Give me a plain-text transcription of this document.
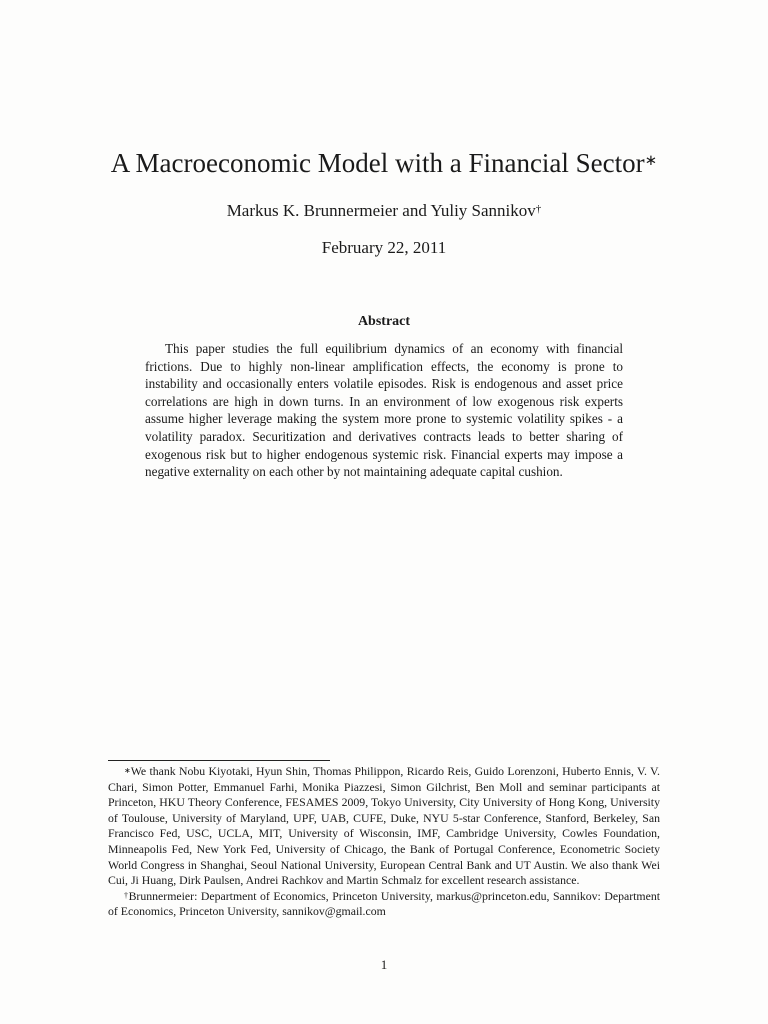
A Macroeconomic Model with a Financial Sector∗
Markus K. Brunnermeier and Yuliy Sannikov†
February 22, 2011
Abstract

This paper studies the full equilibrium dynamics of an economy with financial frictions. Due to highly non-linear amplification effects, the economy is prone to instability and occasionally enters volatile episodes. Risk is endogenous and asset price correlations are high in down turns. In an environment of low exogenous risk experts assume higher leverage making the system more prone to systemic volatility spikes - a volatility paradox. Securitization and derivatives contracts leads to better sharing of exogenous risk but to higher endogenous systemic risk. Financial experts may impose a negative externality on each other by not maintaining adequate capital cushion.

∗We thank Nobu Kiyotaki, Hyun Shin, Thomas Philippon, Ricardo Reis, Guido Lorenzoni, Huberto Ennis, V. V. Chari, Simon Potter, Emmanuel Farhi, Monika Piazzesi, Simon Gilchrist, Ben Moll and seminar participants at Princeton, HKU Theory Conference, FESAMES 2009, Tokyo University, City University of Hong Kong, University of Toulouse, University of Maryland, UPF, UAB, CUFE, Duke, NYU 5-star Conference, Stanford, Berkeley, San Francisco Fed, USC, UCLA, MIT, University of Wisconsin, IMF, Cambridge University, Cowles Foundation, Minneapolis Fed, New York Fed, University of Chicago, the Bank of Portugal Conference, Econometric Society World Congress in Shanghai, Seoul National University, European Central Bank and UT Austin. We also thank Wei Cui, Ji Huang, Dirk Paulsen, Andrei Rachkov and Martin Schmalz for excellent research assistance.

†Brunnermeier: Department of Economics, Princeton University, markus@princeton.edu, Sannikov: Department of Economics, Princeton University, sannikov@gmail.com

1
